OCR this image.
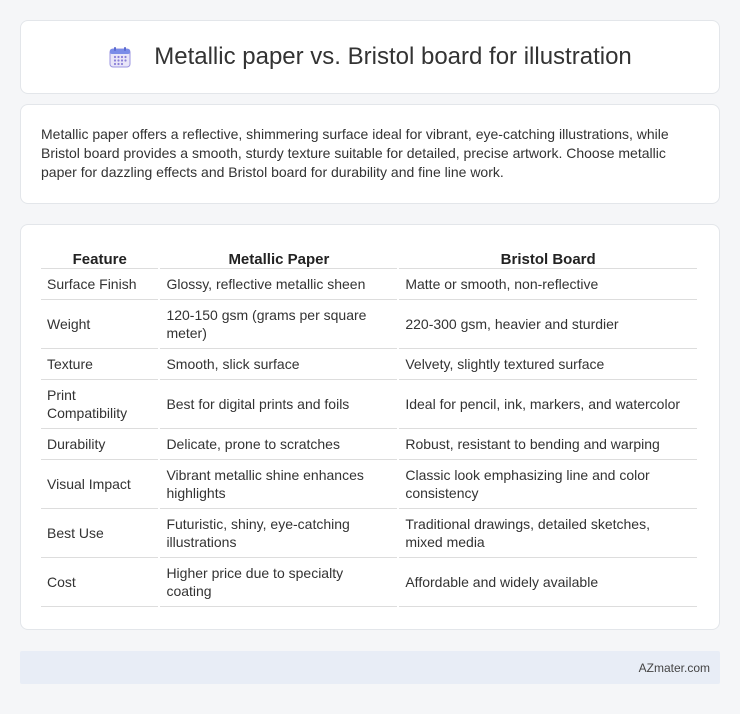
Metallic paper vs. Bristol board for illustration

Metallic paper offers a reflective, shimmering surface ideal for vibrant, eye-catching illustrations, while Bristol board provides a smooth, sturdy texture suitable for detailed, precise artwork. Choose metallic paper for dazzling effects and Bristol board for durability and fine line work.

Feature	Metallic Paper	Bristol Board
Surface Finish	Glossy, reflective metallic sheen	Matte or smooth, non-reflective
Weight	120-150 gsm (grams per square meter)	220-300 gsm, heavier and sturdier
Texture	Smooth, slick surface	Velvety, slightly textured surface
Print Compatibility	Best for digital prints and foils	Ideal for pencil, ink, markers, and watercolor
Durability	Delicate, prone to scratches	Robust, resistant to bending and warping
Visual Impact	Vibrant metallic shine enhances highlights	Classic look emphasizing line and color consistency
Best Use	Futuristic, shiny, eye-catching illustrations	Traditional drawings, detailed sketches, mixed media
Cost	Higher price due to specialty coating	Affordable and widely available
AZmater.com
